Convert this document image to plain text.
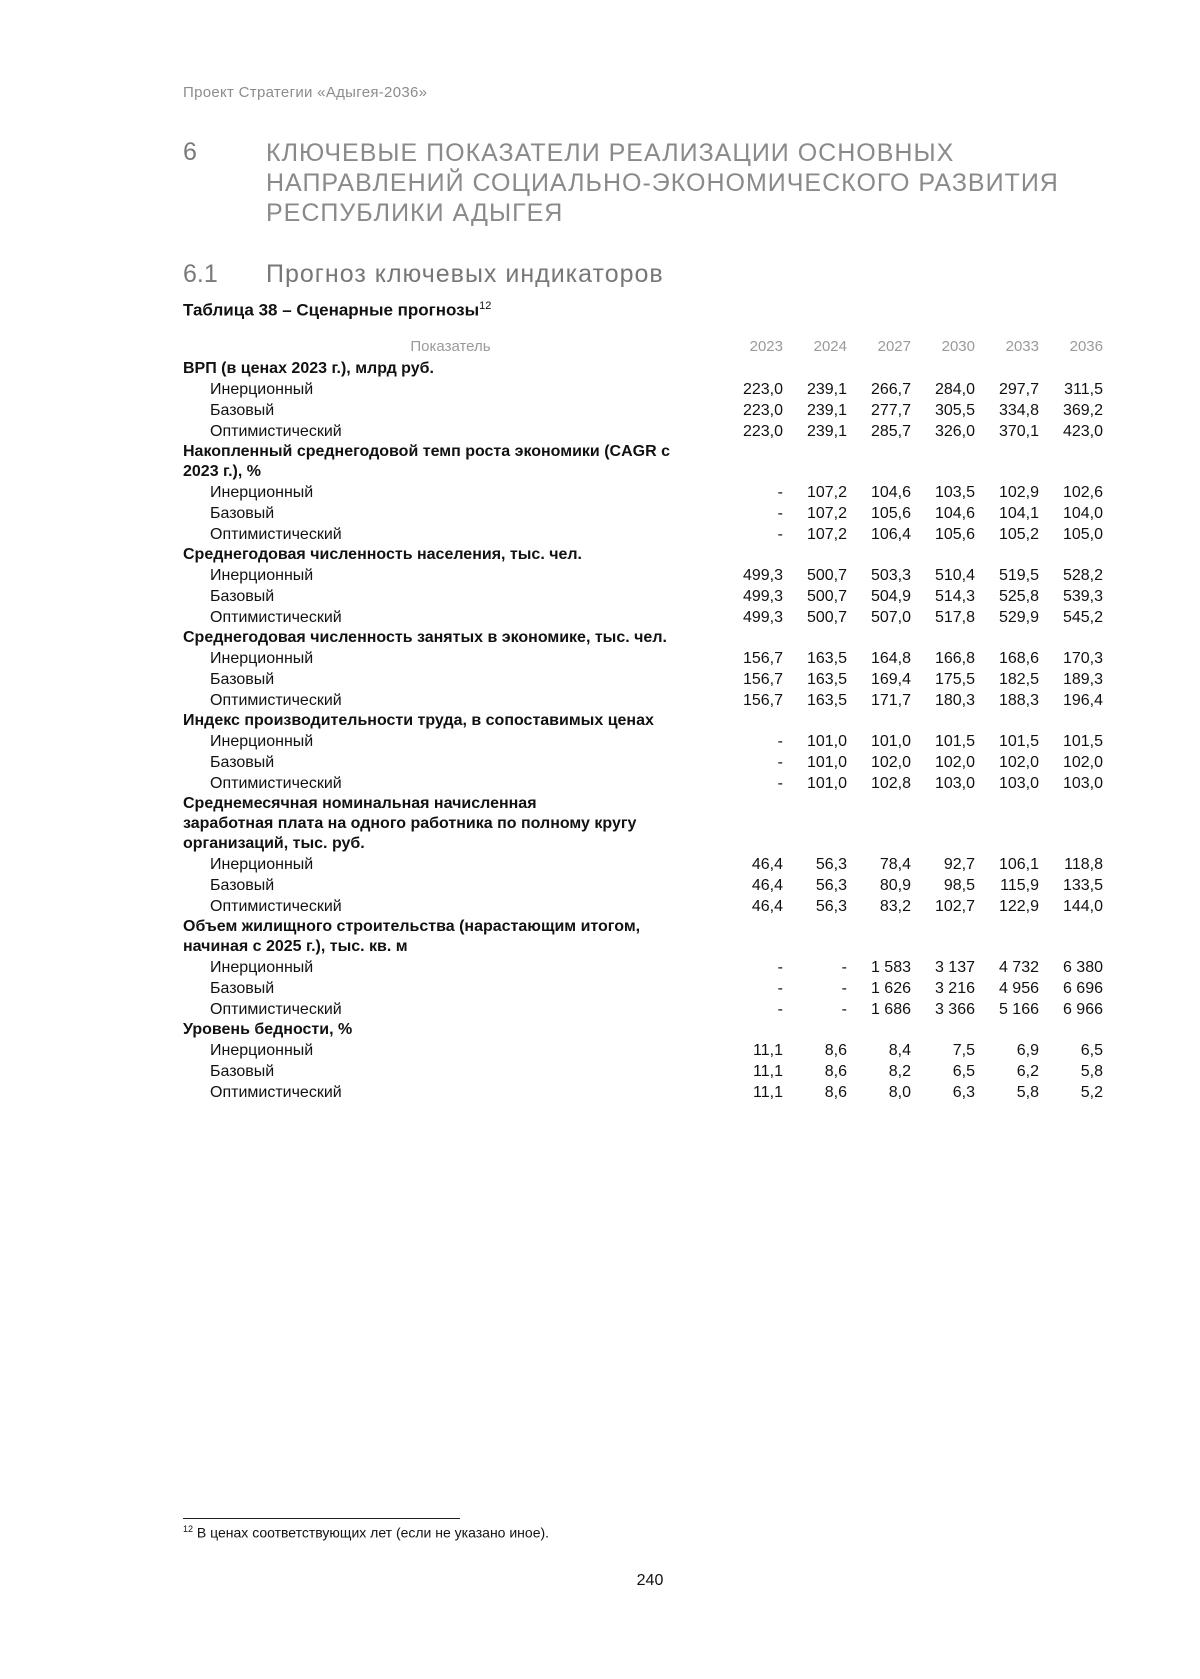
Проект Стратегии «Адыгея-2036»
6	КЛЮЧЕВЫЕ ПОКАЗАТЕЛИ РЕАЛИЗАЦИИ ОСНОВНЫХ
НАПРАВЛЕНИЙ СОЦИАЛЬНО-ЭКОНОМИЧЕСКОГО РАЗВИТИЯ
РЕСПУБЛИКИ АДЫГЕЯ
6.1 Прогноз ключевых индикаторов
Таблица 38 – Сценарные прогнозы$^{12}$
Показатель	2023	2024	2027	2030	2033	2036
ВРП (в ценах 2023 г.), млрд руб.
Инерционный	223,0	239,1	266,7	284,0	297,7	311,5
Базовый	223,0	239,1	277,7	305,5	334,8	369,2
Оптимистический	223,0	239,1	285,7	326,0	370,1	423,0
Накопленный среднегодовой темп роста экономики (CAGR с
2023 г.), %
Инерционный	-	107,2	104,6	103,5	102,9	102,6
Базовый	-	107,2	105,6	104,6	104,1	104,0
Оптимистический	-	107,2	106,4	105,6	105,2	105,0
Среднегодовая численность населения, тыс. чел.
Инерционный	499,3	500,7	503,3	510,4	519,5	528,2
Базовый	499,3	500,7	504,9	514,3	525,8	539,3
Оптимистический	499,3	500,7	507,0	517,8	529,9	545,2
Среднегодовая численность занятых в экономике, тыс. чел.
Инерционный	156,7	163,5	164,8	166,8	168,6	170,3
Базовый	156,7	163,5	169,4	175,5	182,5	189,3
Оптимистический	156,7	163,5	171,7	180,3	188,3	196,4
Индекс производительности труда, в сопоставимых ценах
Инерционный	-	101,0	101,0	101,5	101,5	101,5
Базовый	-	101,0	102,0	102,0	102,0	102,0
Оптимистический	-	101,0	102,8	103,0	103,0	103,0
Среднемесячная номинальная начисленная
заработная плата на одного работника по полному кругу
организаций, тыс. руб.
Инерционный	46,4	56,3	78,4	92,7	106,1	118,8
Базовый	46,4	56,3	80,9	98,5	115,9	133,5
Оптимистический	46,4	56,3	83,2	102,7	122,9	144,0
Объем жилищного строительства (нарастающим итогом,
начиная с 2025 г.), тыс. кв. м
Инерционный	-	-	1 583	3 137	4 732	6 380
Базовый	-	-	1 626	3 216	4 956	6 696
Оптимистический	-	-	1 686	3 366	5 166	6 966
Уровень бедности, %
Инерционный	11,1	8,6	8,4	7,5	6,9	6,5
Базовый	11,1	8,6	8,2	6,5	6,2	5,8
Оптимистический	11,1	8,6	8,0	6,3	5,8	5,2
$^{12}$ В ценах соответствующих лет (если не указано иное).
240
